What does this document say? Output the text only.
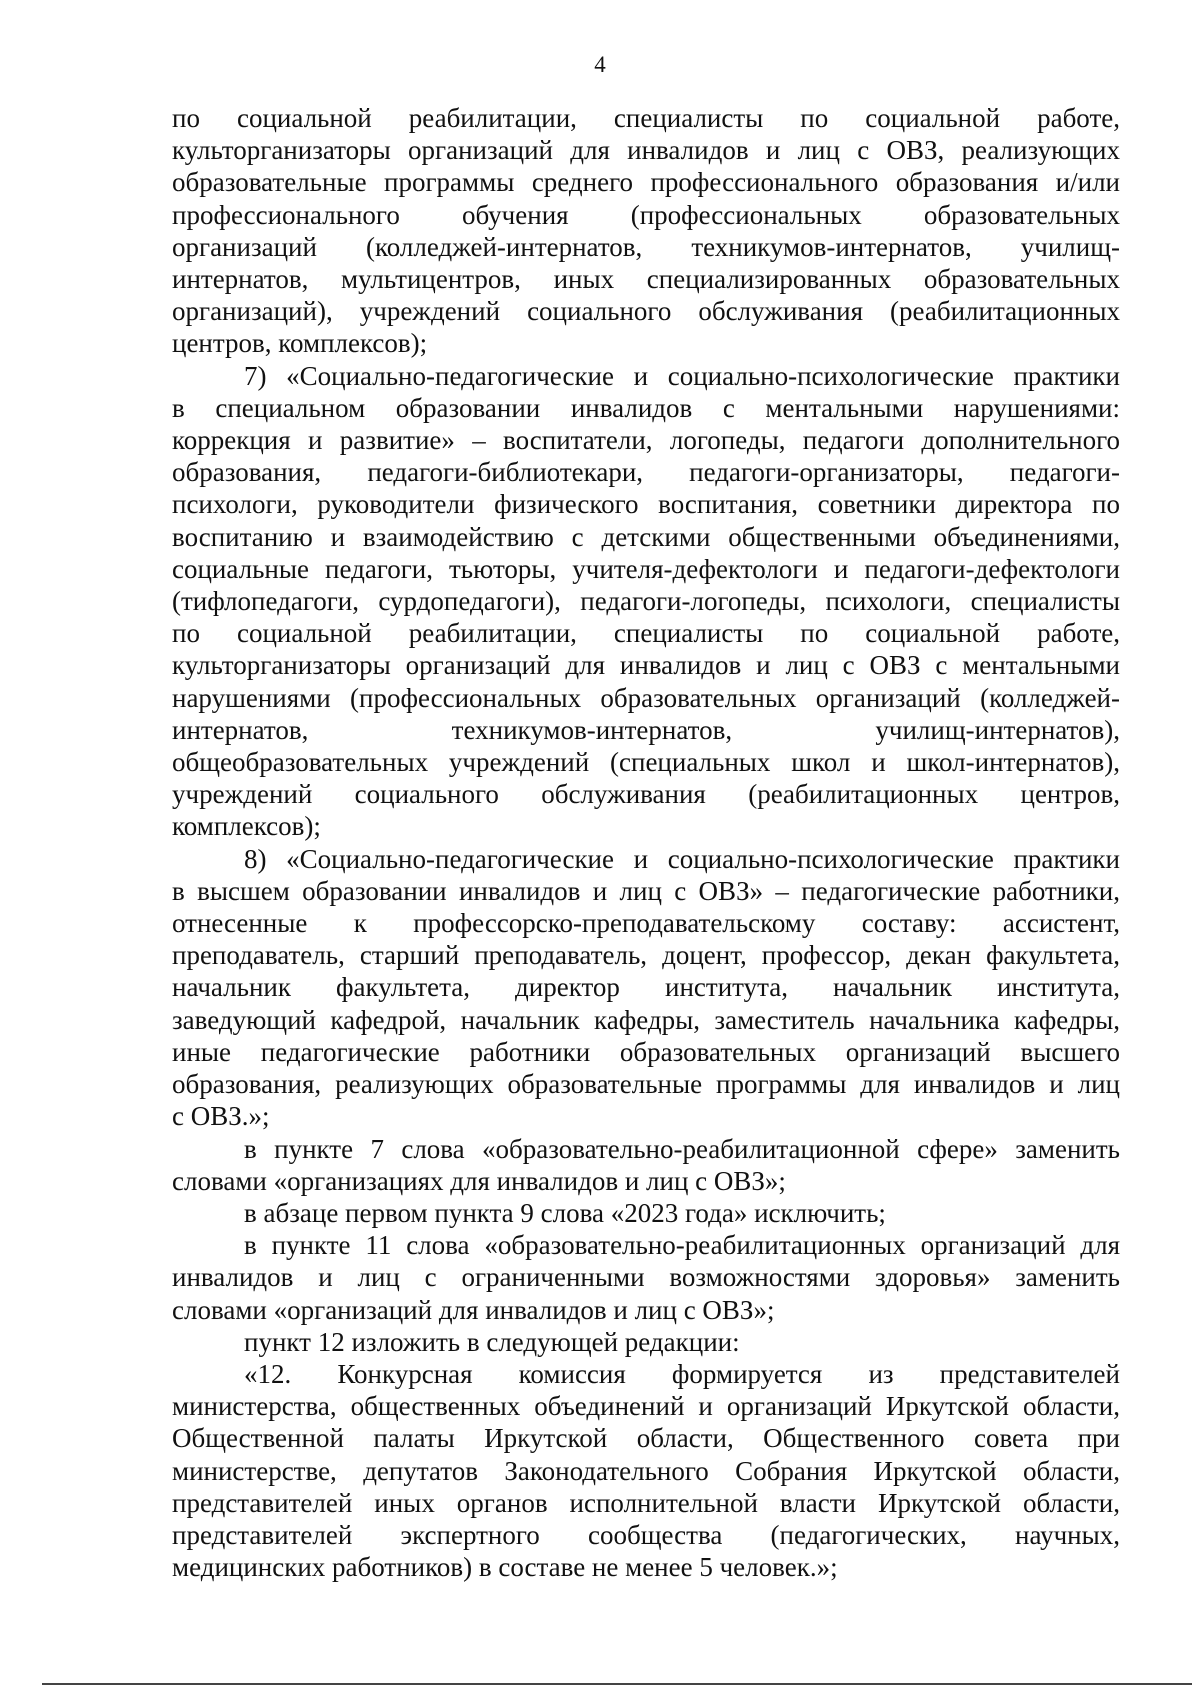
4
по социальной реабилитации, специалисты по социальной работе,
культорганизаторы организаций для инвалидов и лиц с ОВЗ, реализующих
образовательные программы среднего профессионального образования и/или
профессионального обучения (профессиональных образовательных
организаций (колледжей-интернатов, техникумов-интернатов, училищ-
интернатов, мультицентров, иных специализированных образовательных
организаций), учреждений социального обслуживания (реабилитационных
центров, комплексов);
7) «Социально-педагогические и социально-психологические практики
в специальном образовании инвалидов с ментальными нарушениями:
коррекция и развитие» – воспитатели, логопеды, педагоги дополнительного
образования, педагоги-библиотекари, педагоги-организаторы, педагоги-
психологи, руководители физического воспитания, советники директора по
воспитанию и взаимодействию с детскими общественными объединениями,
социальные педагоги, тьюторы, учителя-дефектологи и педагоги-дефектологи
(тифлопедагоги, сурдопедагоги), педагоги-логопеды, психологи, специалисты
по социальной реабилитации, специалисты по социальной работе,
культорганизаторы организаций для инвалидов и лиц с ОВЗ с ментальными
нарушениями (профессиональных образовательных организаций (колледжей-
интернатов, техникумов-интернатов, училищ-интернатов),
общеобразовательных учреждений (специальных школ и школ-интернатов),
учреждений социального обслуживания (реабилитационных центров,
комплексов);
8) «Социально-педагогические и социально-психологические практики
в высшем образовании инвалидов и лиц с ОВЗ» – педагогические работники,
отнесенные к профессорско-преподавательскому составу: ассистент,
преподаватель, старший преподаватель, доцент, профессор, декан факультета,
начальник факультета, директор института, начальник института,
заведующий кафедрой, начальник кафедры, заместитель начальника кафедры,
иные педагогические работники образовательных организаций высшего
образования, реализующих образовательные программы для инвалидов и лиц
с ОВЗ.»;
в пункте 7 слова «образовательно-реабилитационной сфере» заменить
словами «организациях для инвалидов и лиц с ОВЗ»;
в абзаце первом пункта 9 слова «2023 года» исключить;
в пункте 11 слова «образовательно-реабилитационных организаций для
инвалидов и лиц с ограниченными возможностями здоровья» заменить
словами «организаций для инвалидов и лиц с ОВЗ»;
пункт 12 изложить в следующей редакции:
«12. Конкурсная комиссия формируется из представителей
министерства, общественных объединений и организаций Иркутской области,
Общественной палаты Иркутской области, Общественного совета при
министерстве, депутатов Законодательного Собрания Иркутской области,
представителей иных органов исполнительной власти Иркутской области,
представителей экспертного сообщества (педагогических, научных,
медицинских работников) в составе не менее 5 человек.»;
